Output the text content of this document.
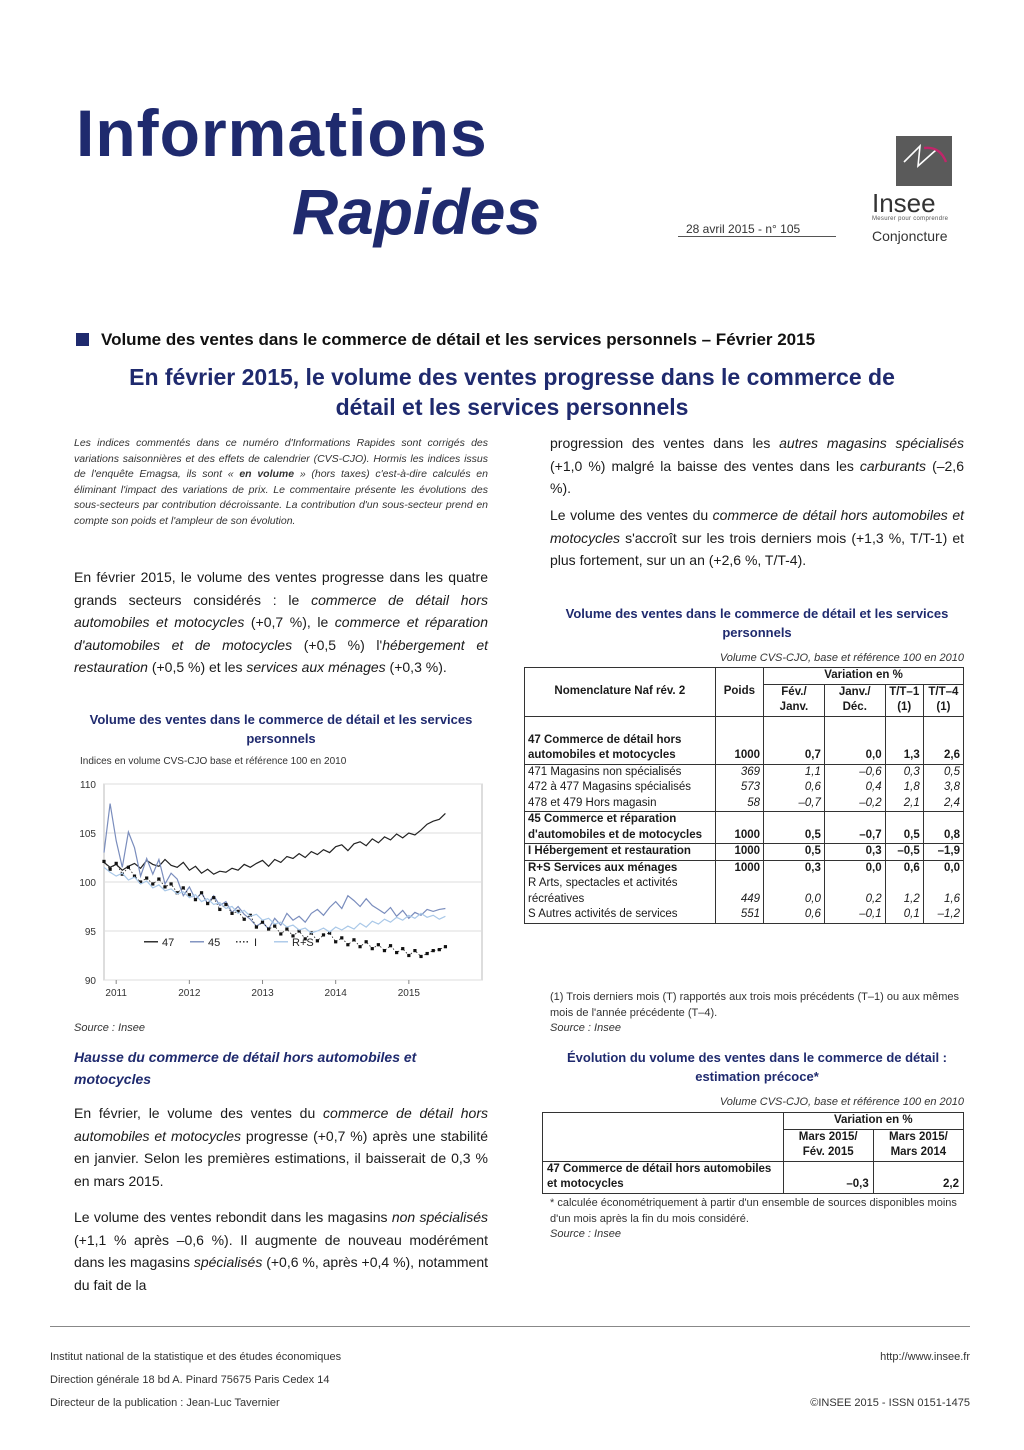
Informations
Rapides	28 avril 2015 - n° 105
Insee
Mesurer pour comprendre
Conjoncture
Volume des ventes dans le commerce de détail et les services personnels – Février 2015
En février 2015, le volume des ventes progresse dans le commerce de
détail et les services personnels
Les indices commentés dans ce numéro d'Informations Rapides sont corrigés des variations saisonnières et des effets de calendrier (CVS-CJO). Hormis les indices issus de l'enquête Emagsa, ils sont « en volume » (hors taxes) c'est-à-dire calculés en éliminant l'impact des variations de prix. Le commentaire présente les évolutions des sous-secteurs par contribution décroissante. La contribution d'un sous-secteur prend en compte son poids et l'ampleur de son évolution.
En février 2015, le volume des ventes progresse dans les quatre grands secteurs considérés : le commerce de détail hors automobiles et motocycles (+0,7 %), le commerce et réparation d'automobiles et de motocycles (+0,5 %) l'hébergement et restauration (+0,5 %) et les services aux ménages (+0,3 %).
Volume des ventes dans le commerce de détail et les services personnels
Indices en volume CVS-CJO base et référence 100 en 2010
90
95
100
105
110
2011	2012	2013	2014	2015
47	45	I	R+S
Source : Insee
Hausse du commerce de détail hors automobiles et motocycles
En février, le volume des ventes du commerce de détail hors automobiles et motocycles progresse (+0,7 %) après une stabilité en janvier. Selon les premières estimations, il baisserait de 0,3 % en mars 2015.
Le volume des ventes rebondit dans les magasins non spécialisés (+1,1 % après –0,6 %). Il augmente de nouveau modérément dans les magasins spécialisés (+0,6 %, après +0,4 %), notamment du fait de la
progression des ventes dans les autres magasins spécialisés (+1,0 %) malgré la baisse des ventes dans les carburants (–2,6 %).
Le volume des ventes du commerce de détail hors automobiles et motocycles s'accroît sur les trois derniers mois (+1,3 %, T/T-1) et plus fortement, sur un an (+2,6 %, T/T-4).
Volume des ventes dans le commerce de détail et les services personnels
Volume CVS-CJO, base et référence 100 en 2010
Nomenclature Naf rév. 2	Poids	Variation en %			
		Fév./ Janv.	Janv./ Déc.	T/T–1 (1)	T/T–4 (1)
47 Commerce de détail hors automobiles et motocycles	1000	0,7	0,0	1,3	2,6
471 Magasins non spécialisés	369	1,1	–0,6	0,3	0,5
472 à 477 Magasins spécialisés	573	0,6	0,4	1,8	3,8
478 et 479 Hors magasin	58	–0,7	–0,2	2,1	2,4
45 Commerce et réparation d'automobiles et de motocycles	1000	0,5	–0,7	0,5	0,8
I Hébergement et restauration	1000	0,5	0,3	–0,5	–1,9
R+S Services aux ménages	1000	0,3	0,0	0,6	0,0
R Arts, spectacles et activités récréatives	449	0,0	0,2	1,2	1,6
S Autres activités de services	551	0,6	–0,1	0,1	–1,2
(1) Trois derniers mois (T) rapportés aux trois mois précédents (T–1) ou aux mêmes mois de l'année précédente (T–4).
Source : Insee
Évolution du volume des ventes dans le commerce de détail : estimation précoce*
Volume CVS-CJO, base et référence 100 en 2010
	Variation en %	
	Mars 2015/ Fév. 2015	Mars 2015/ Mars 2014
47 Commerce de détail hors automobiles et motocycles	–0,3	2,2
* calculée économétriquement à partir d'un ensemble de sources disponibles moins d'un mois après la fin du mois considéré.
Source : Insee
Institut national de la statistique et des études économiques
Direction générale 18 bd A. Pinard 75675 Paris Cedex 14
Directeur de la publication : Jean-Luc Tavernier
http://www.insee.fr
©INSEE 2015 - ISSN 0151-1475
